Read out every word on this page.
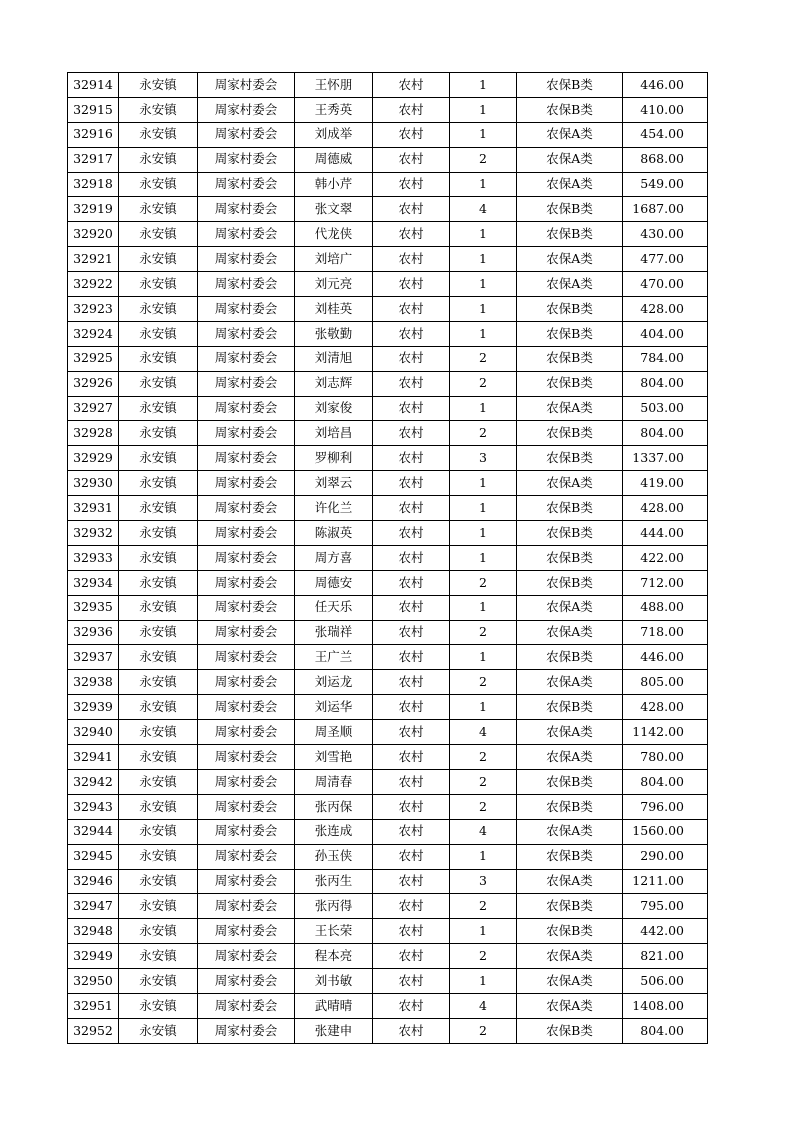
32914	永安镇	周家村委会	王怀朋	农村	1	农保B类	446.00
32915	永安镇	周家村委会	王秀英	农村	1	农保B类	410.00
32916	永安镇	周家村委会	刘成举	农村	1	农保A类	454.00
32917	永安镇	周家村委会	周德威	农村	2	农保A类	868.00
32918	永安镇	周家村委会	韩小芹	农村	1	农保A类	549.00
32919	永安镇	周家村委会	张文翠	农村	4	农保B类	1687.00
32920	永安镇	周家村委会	代龙侠	农村	1	农保B类	430.00
32921	永安镇	周家村委会	刘培广	农村	1	农保A类	477.00
32922	永安镇	周家村委会	刘元亮	农村	1	农保A类	470.00
32923	永安镇	周家村委会	刘桂英	农村	1	农保B类	428.00
32924	永安镇	周家村委会	张敬勤	农村	1	农保B类	404.00
32925	永安镇	周家村委会	刘清旭	农村	2	农保B类	784.00
32926	永安镇	周家村委会	刘志辉	农村	2	农保B类	804.00
32927	永安镇	周家村委会	刘家俊	农村	1	农保A类	503.00
32928	永安镇	周家村委会	刘培昌	农村	2	农保B类	804.00
32929	永安镇	周家村委会	罗柳利	农村	3	农保B类	1337.00
32930	永安镇	周家村委会	刘翠云	农村	1	农保A类	419.00
32931	永安镇	周家村委会	许化兰	农村	1	农保B类	428.00
32932	永安镇	周家村委会	陈淑英	农村	1	农保B类	444.00
32933	永安镇	周家村委会	周方喜	农村	1	农保B类	422.00
32934	永安镇	周家村委会	周德安	农村	2	农保B类	712.00
32935	永安镇	周家村委会	任天乐	农村	1	农保A类	488.00
32936	永安镇	周家村委会	张瑞祥	农村	2	农保A类	718.00
32937	永安镇	周家村委会	王广兰	农村	1	农保B类	446.00
32938	永安镇	周家村委会	刘运龙	农村	2	农保A类	805.00
32939	永安镇	周家村委会	刘运华	农村	1	农保B类	428.00
32940	永安镇	周家村委会	周圣顺	农村	4	农保A类	1142.00
32941	永安镇	周家村委会	刘雪艳	农村	2	农保A类	780.00
32942	永安镇	周家村委会	周清春	农村	2	农保B类	804.00
32943	永安镇	周家村委会	张丙保	农村	2	农保B类	796.00
32944	永安镇	周家村委会	张连成	农村	4	农保A类	1560.00
32945	永安镇	周家村委会	孙玉侠	农村	1	农保B类	290.00
32946	永安镇	周家村委会	张丙生	农村	3	农保A类	1211.00
32947	永安镇	周家村委会	张丙得	农村	2	农保B类	795.00
32948	永安镇	周家村委会	王长荣	农村	1	农保B类	442.00
32949	永安镇	周家村委会	程本亮	农村	2	农保A类	821.00
32950	永安镇	周家村委会	刘书敏	农村	1	农保A类	506.00
32951	永安镇	周家村委会	武晴晴	农村	4	农保A类	1408.00
32952	永安镇	周家村委会	张建申	农村	2	农保B类	804.00
